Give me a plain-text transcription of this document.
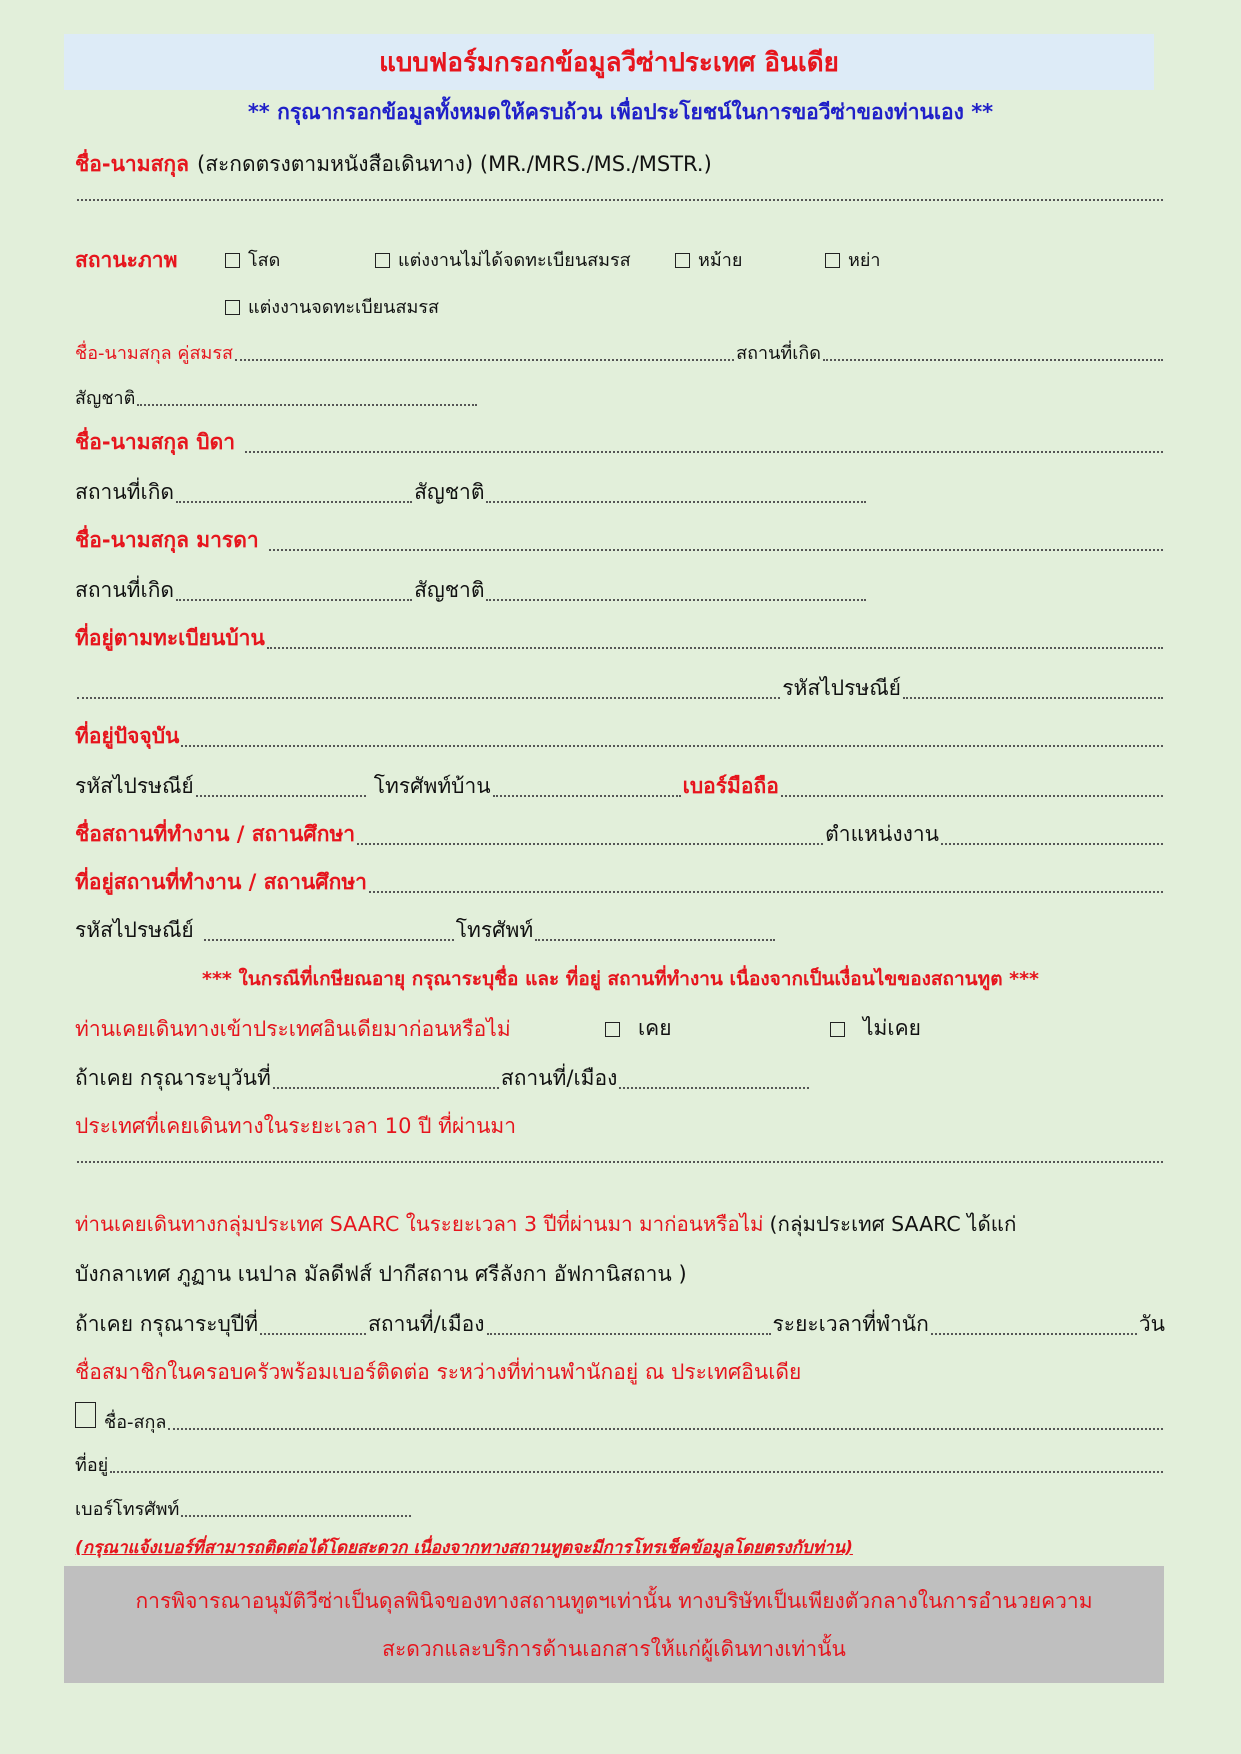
แบบฟอร์มกรอกข้อมูลวีซ่าประเทศ อินเดีย
** กรุณากรอกข้อมูลทั้งหมดให้ครบถ้วน เพื่อประโยชน์ในการขอวีซ่าของท่านเอง **
ชื่อ-นามสกุล (สะกดตรงตามหนังสือเดินทาง) (MR./MRS./MS./MSTR.)
สถานะภาพ	โสด	แต่งงานไม่ได้จดทะเบียนสมรส	หม้าย	หย่า
แต่งงานจดทะเบียนสมรส
ชื่อ-นามสกุล คู่สมรส	สถานที่เกิด
สัญชาติ
ชื่อ-นามสกุล บิดา
สถานที่เกิด	สัญชาติ
ชื่อ-นามสกุล มารดา
สถานที่เกิด	สัญชาติ
ที่อยู่ตามทะเบียนบ้าน
รหัสไปรษณีย์
ที่อยู่ปัจจุบัน
รหัสไปรษณีย์	โทรศัพท์บ้าน	เบอร์มือถือ
ชื่อสถานที่ทำงาน / สถานศึกษา	ตำแหน่งงาน
ที่อยู่สถานที่ทำงาน / สถานศึกษา
รหัสไปรษณีย์	โทรศัพท์
*** ในกรณีที่เกษียณอายุ กรุณาระบุชื่อ และ ที่อยู่ สถานที่ทำงาน เนื่องจากเป็นเงื่อนไขของสถานทูต ***
ท่านเคยเดินทางเข้าประเทศอินเดียมาก่อนหรือไม่	เคย	ไม่เคย
ถ้าเคย กรุณาระบุวันที่	สถานที่/เมือง
ประเทศที่เคยเดินทางในระยะเวลา 10 ปี ที่ผ่านมา
ท่านเคยเดินทางกลุ่มประเทศ SAARC ในระยะเวลา 3 ปีที่ผ่านมา มาก่อนหรือไม่ (กลุ่มประเทศ SAARC ได้แก่
บังกลาเทศ ภูฏาน เนปาล มัลดีฟส์ ปากีสถาน ศรีลังกา อัฟกานิสถาน )
ถ้าเคย กรุณาระบุปีที่	สถานที่/เมือง	ระยะเวลาที่พำนัก	วัน
ชื่อสมาชิกในครอบครัวพร้อมเบอร์ติดต่อ ระหว่างที่ท่านพำนักอยู่ ณ ประเทศอินเดีย
ชื่อ-สกุล
ที่อยู่
เบอร์โทรศัพท์
(กรุณาแจ้งเบอร์ที่สามารถติดต่อได้โดยสะดวก เนื่องจากทางสถานทูตจะมีการโทรเช็คข้อมูลโดยตรงกับท่าน)
การพิจารณาอนุมัติวีซ่าเป็นดุลพินิจของทางสถานทูตฯเท่านั้น ทางบริษัทเป็นเพียงตัวกลางในการอำนวยความ
สะดวกและบริการด้านเอกสารให้แก่ผู้เดินทางเท่านั้น
